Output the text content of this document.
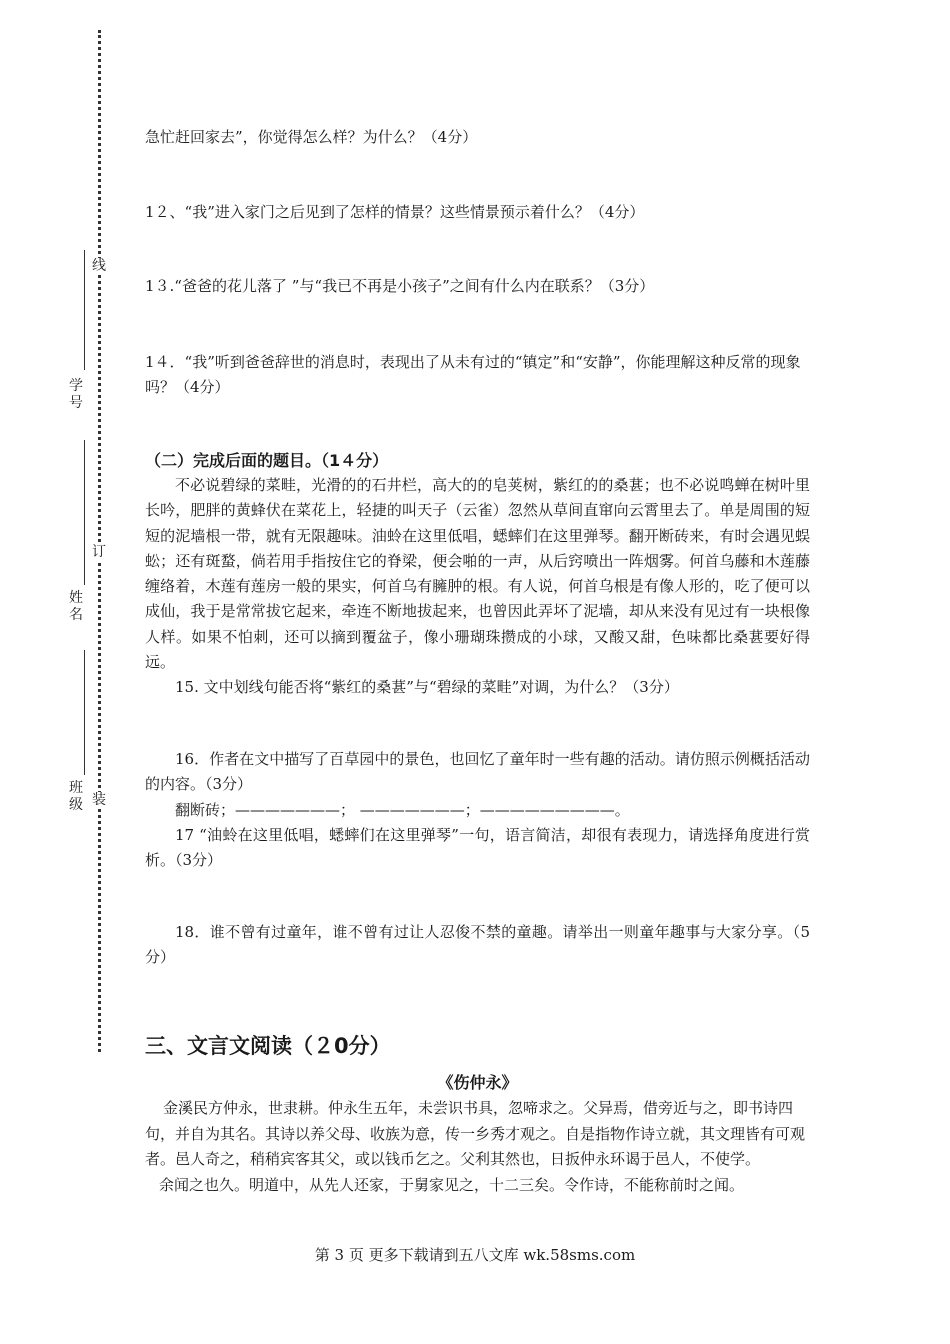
线
订
装
学号
姓名
班级

急忙赶回家去”，你觉得怎么样？为什么？（4分）

1２、“我”进入家门之后见到了怎样的情景？这些情景预示着什么？（4分）

1３.“爸爸的花儿落了 ”与“我已不再是小孩子”之间有什么内在联系？（3分）

1４．“我”听到爸爸辞世的消息时，表现出了从未有过的“镇定”和“安静”，你能理解这种反常的现象吗？（4分）

（二）完成后面的题目。（1４分）

不必说碧绿的菜畦，光滑的的石井栏，高大的的皂荚树，紫红的的桑葚；也不必说鸣蝉在树叶里长吟，肥胖的黄蜂伏在菜花上，轻捷的叫天子（云雀）忽然从草间直窜向云霄里去了。单是周围的短短的泥墙根一带，就有无限趣味。油蛉在这里低唱，蟋蟀们在这里弹琴。翻开断砖来，有时会遇见蜈蚣；还有斑蝥，倘若用手指按住它的脊梁，便会啪的一声，从后窍喷出一阵烟雾。何首乌藤和木莲藤缠络着，木莲有莲房一般的果实，何首乌有臃肿的根。有人说，何首乌根是有像人形的，吃了便可以成仙，我于是常常拔它起来，牵连不断地拔起来，也曾因此弄坏了泥墙，却从来没有见过有一块根像人样。如果不怕刺，还可以摘到覆盆子，像小珊瑚珠攒成的小球，又酸又甜，色味都比桑葚要好得远。

15. 文中划线句能否将“紫红的桑葚”与“碧绿的菜畦”对调，为什么？（3分）

16．作者在文中描写了百草园中的景色，也回忆了童年时一些有趣的活动。请仿照示例概括活动的内容。（3分）

翻断砖；———————； ———————；—————————。

17 “油蛉在这里低唱，蟋蟀们在这里弹琴”一句，语言简洁，却很有表现力，请选择角度进行赏析。（3分）

18．谁不曾有过童年，谁不曾有过让人忍俊不禁的童趣。请举出一则童年趣事与大家分享。（5分）

三、文言文阅读（２0分）
《伤仲永》

金溪民方仲永，世隶耕。仲永生五年，未尝识书具，忽啼求之。父异焉，借旁近与之，即书诗四句，并自为其名。其诗以养父母、收族为意，传一乡秀才观之。自是指物作诗立就，其文理皆有可观者。邑人奇之，稍稍宾客其父，或以钱币乞之。父利其然也，日扳仲永环谒于邑人，不使学。

余闻之也久。明道中，从先人还家，于舅家见之，十二三矣。令作诗，不能称前时之闻。

第 3 页 更多下载请到五八文库 wk.58sms.com
